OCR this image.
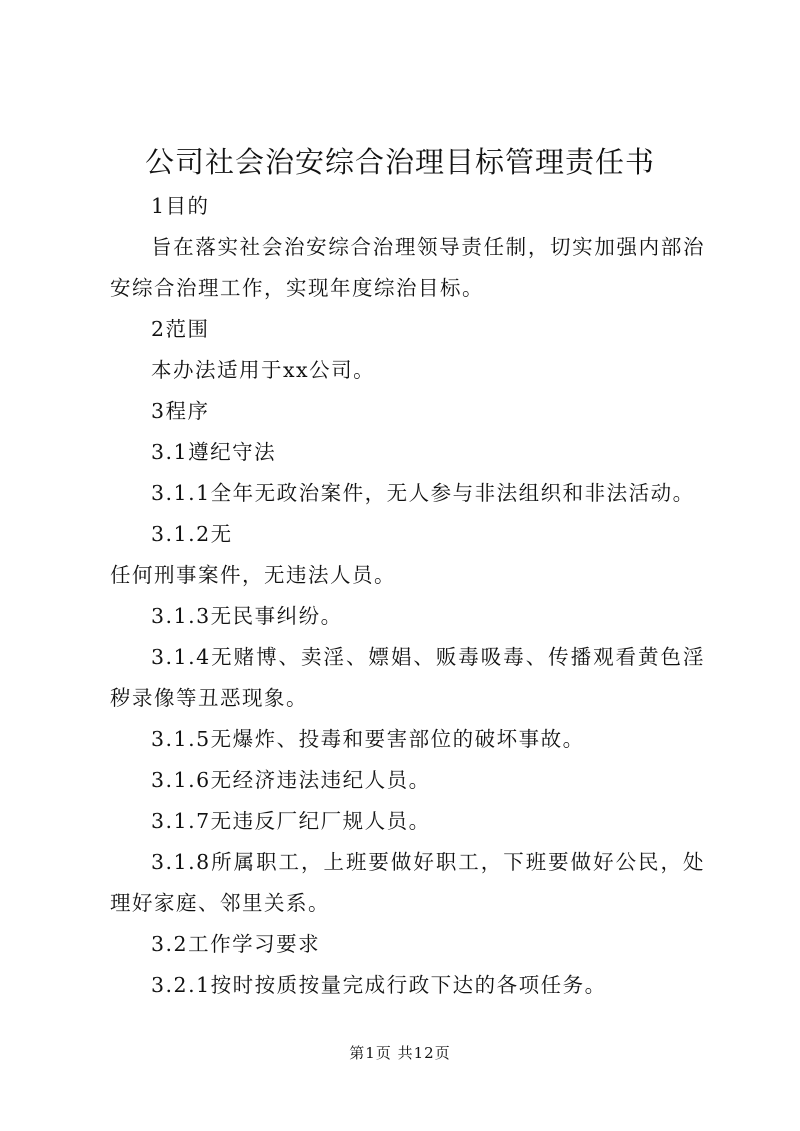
公司社会治安综合治理目标管理责任书

1目的

旨在落实社会治安综合治理领导责任制，切实加强内部治安综合治理工作，实现年度综治目标。

2范围

本办法适用于xx公司。

3程序

3.1遵纪守法

3.1.1全年无政治案件，无人参与非法组织和非法活动。

3.1.2无

任何刑事案件，无违法人员。

3.1.3无民事纠纷。

3.1.4无赌博、卖淫、嫖娼、贩毒吸毒、传播观看黄色淫秽录像等丑恶现象。

3.1.5无爆炸、投毒和要害部位的破坏事故。

3.1.6无经济违法违纪人员。

3.1.7无违反厂纪厂规人员。

3.1.8所属职工，上班要做好职工，下班要做好公民，处理好家庭、邻里关系。

3.2工作学习要求

3.2.1按时按质按量完成行政下达的各项任务。

第1页 共12页
